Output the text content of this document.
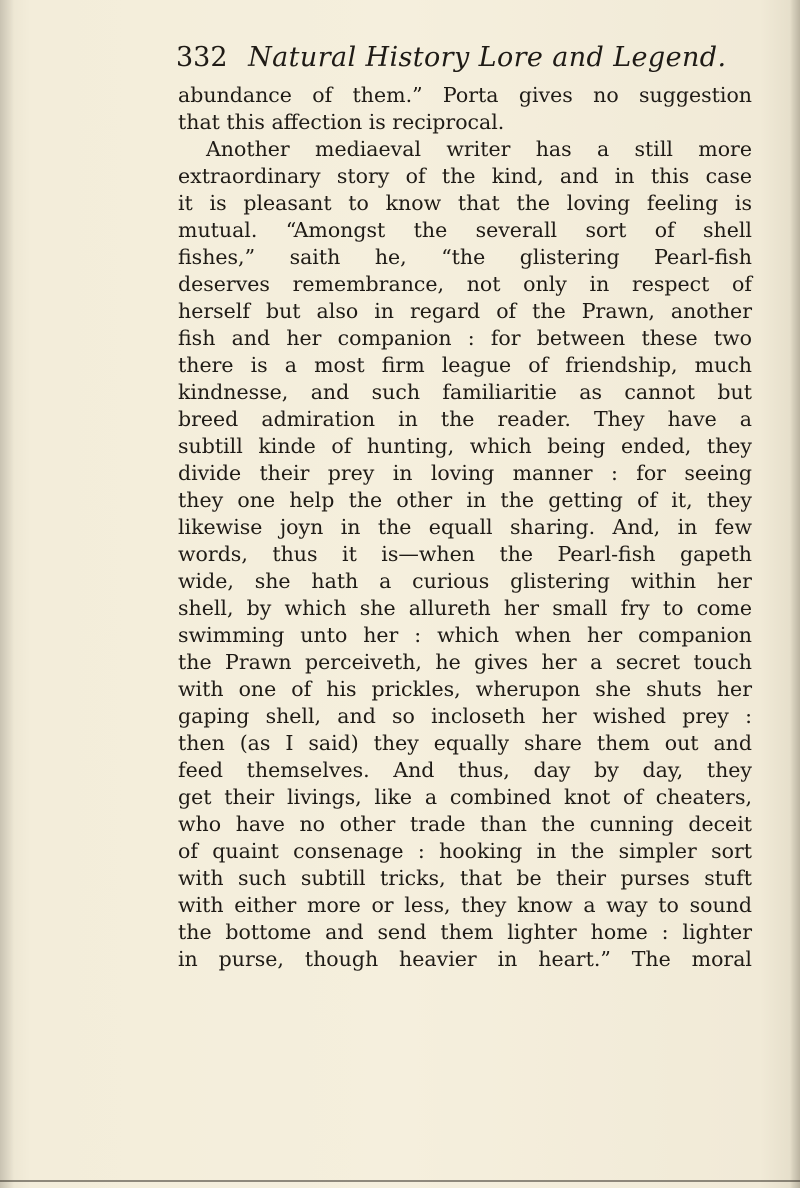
332 Natural History Lore and Legend.
abundance of them.” Porta gives no suggestion
that this affection is reciprocal.
Another mediaeval writer has a still more
extraordinary story of the kind, and in this case
it is pleasant to know that the loving feeling is
mutual. “Amongst the severall sort of shell
fishes,” saith he, “the glistering Pearl-fish
deserves remembrance, not only in respect of
herself but also in regard of the Prawn, another
fish and her companion : for between these two
there is a most firm league of friendship, much
kindnesse, and such familiaritie as cannot but
breed admiration in the reader. They have a
subtill kinde of hunting, which being ended, they
divide their prey in loving manner : for seeing
they one help the other in the getting of it, they
likewise joyn in the equall sharing. And, in few
words, thus it is—when the Pearl-fish gapeth
wide, she hath a curious glistering within her
shell, by which she allureth her small fry to come
swimming unto her : which when her companion
the Prawn perceiveth, he gives her a secret touch
with one of his prickles, wherupon she shuts her
gaping shell, and so incloseth her wished prey :
then (as I said) they equally share them out and
feed themselves. And thus, day by day, they
get their livings, like a combined knot of cheaters,
who have no other trade than the cunning deceit
of quaint consenage : hooking in the simpler sort
with such subtill tricks, that be their purses stuft
with either more or less, they know a way to sound
the bottome and send them lighter home : lighter
in purse, though heavier in heart.” The moral
